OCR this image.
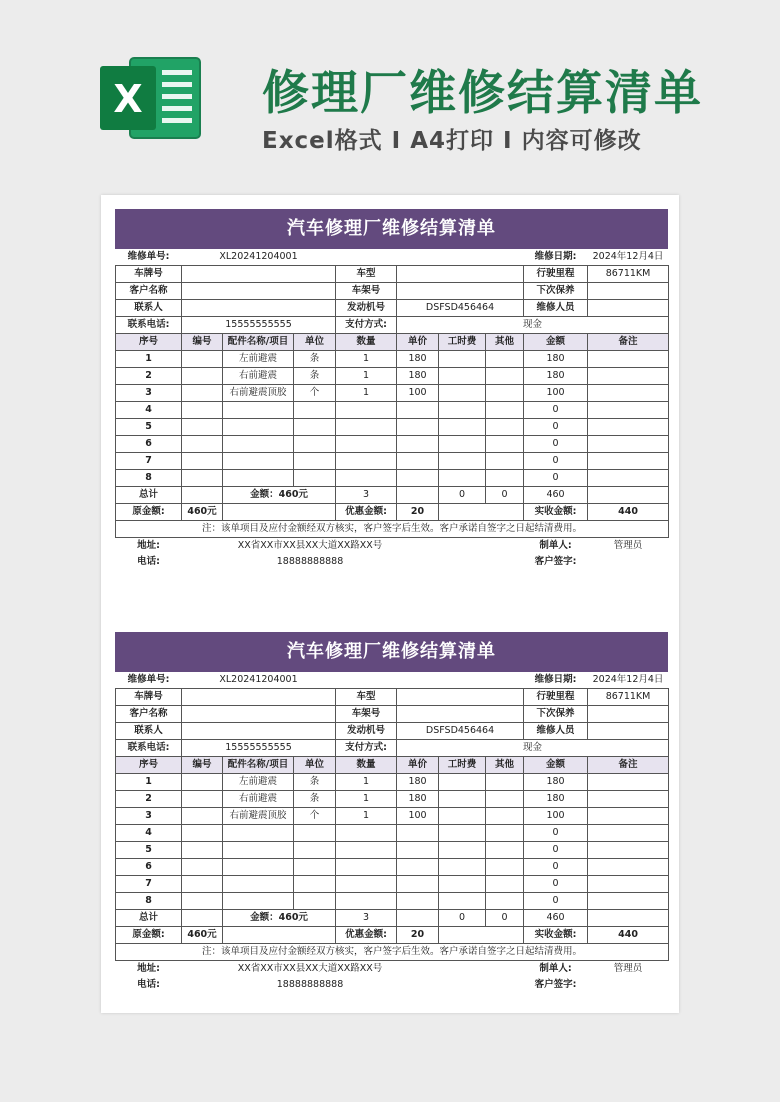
X	修理厂维修结算清单
Excel格式 I A4打印 I 内容可修改
汽车修理厂维修结算清单
维修单号:	XL20241204001							维修日期:	2024年12月4日
车牌号				车型				行驶里程	86711KM
客户名称				车架号				下次保养	
联系人				发动机号	DSFSD456464			维修人员	
联系电话:	15555555555			支付方式:	现金				
序号	编号	配件名称/项目	单位	数量	单价	工时费	其他	金额	备注
1		左前避震	条	1	180			180	
2		右前避震	条	1	180			180	
3		右前避震顶胶	个	1	100			100	
4								0	
5								0	
6								0	
7								0	
8								0	
总计		金额：460元		3		0	0	460	
原金额:	460元			优惠金额:	20			实收金额:	440
注：该单项目及应付金额经双方核实，客户签字后生效。客户承诺自签字之日起结清费用。									
地址:	XX省XX市XX县XX大道XX路XX号							制单人:	管理员
电话:	18888888888							客户签字:	
汽车修理厂维修结算清单
维修单号:	XL20241204001							维修日期:	2024年12月4日
车牌号				车型				行驶里程	86711KM
客户名称				车架号				下次保养	
联系人				发动机号	DSFSD456464			维修人员	
联系电话:	15555555555			支付方式:	现金				
序号	编号	配件名称/项目	单位	数量	单价	工时费	其他	金额	备注
1		左前避震	条	1	180			180	
2		右前避震	条	1	180			180	
3		右前避震顶胶	个	1	100			100	
4								0	
5								0	
6								0	
7								0	
8								0	
总计		金额：460元		3		0	0	460	
原金额:	460元			优惠金额:	20			实收金额:	440
注：该单项目及应付金额经双方核实，客户签字后生效。客户承诺自签字之日起结清费用。									
地址:	XX省XX市XX县XX大道XX路XX号							制单人:	管理员
电话:	18888888888							客户签字:	
